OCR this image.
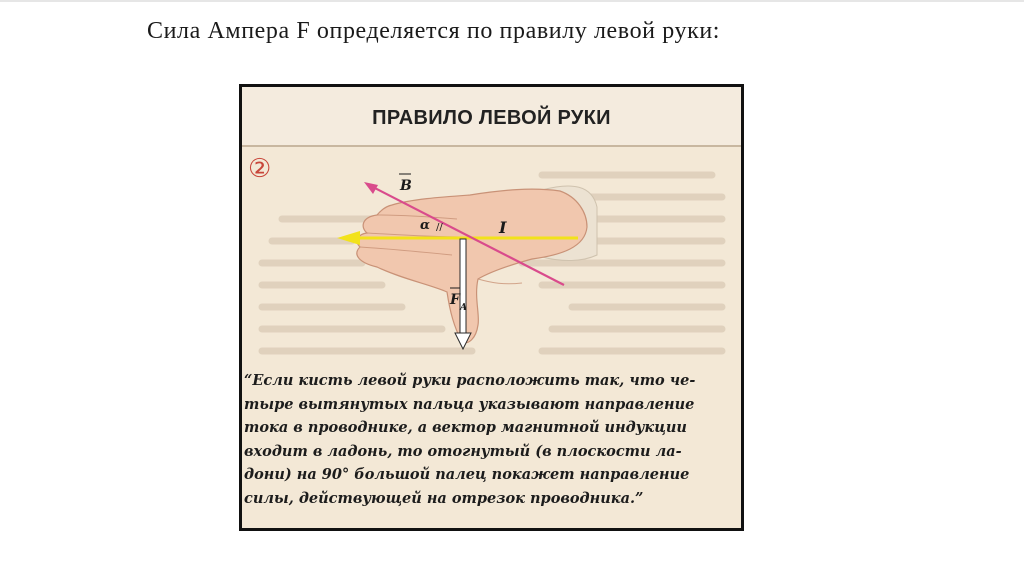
Сила Ампера F определяется по правилу левой руки:
ПРАВИЛО ЛЕВОЙ РУКИ
②
B
α //	I
F A
“Если кисть левой руки расположить так, что че-
тыре вытянутых пальца указывают направление
тока в проводнике, а вектор магнитной индукции
входит в ладонь, то отогнутый (в плоскости ла-
дони) на 90° большой палец покажет направление
силы, действующей на отрезок проводника.”
